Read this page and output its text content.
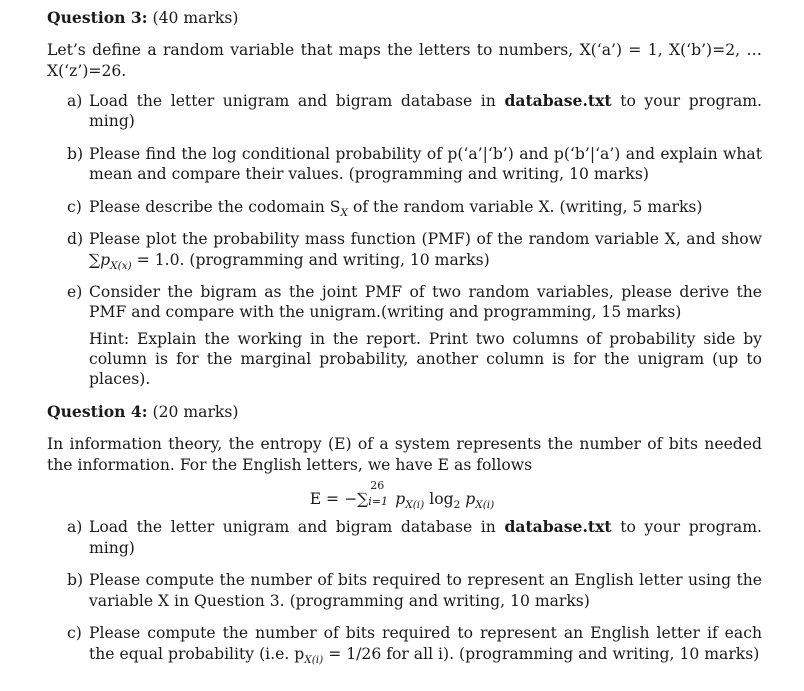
Question 3: (40 marks)
Let’s define a random variable that maps the letters to numbers, X(‘a’) = 1, X(‘b’)=2, …
X(‘z’)=26.
a) Load the letter unigram and bigram database in database.txt to your program.
ming)
b) Please find the log conditional probability of p(‘a’|‘b’) and p(‘b’|‘a’) and explain what
mean and compare their values. (programming and writing, 10 marks)
c) Please describe the codomain $S_X$ of the random variable X. (writing, 5 marks)
d) Please plot the probability mass function (PMF) of the random variable X, and show
$\sum p_{X(x)} = 1.0$. (programming and writing, 10 marks)
e) Consider the bigram as the joint PMF of two random variables, please derive the
PMF and compare with the unigram.(writing and programming, 15 marks)
Hint: Explain the working in the report. Print two columns of probability side by
column is for the marginal probability, another column is for the unigram (up to
places).
Question 4: (20 marks)
In information theory, the entropy (E) of a system represents the number of bits needed
the information. For the English letters, we have E as follows
E = −∑
26
i=1 $p_{X(i)}$ $\log_2 p_{X(i)}$
a) Load the letter unigram and bigram database in database.txt to your program.
ming)
b) Please compute the number of bits required to represent an English letter using the
variable X in Question 3. (programming and writing, 10 marks)
c) Please compute the number of bits required to represent an English letter if each
the equal probability (i.e. $p_{X(i)} = 1/26$ for all i). (programming and writing, 10 marks)
